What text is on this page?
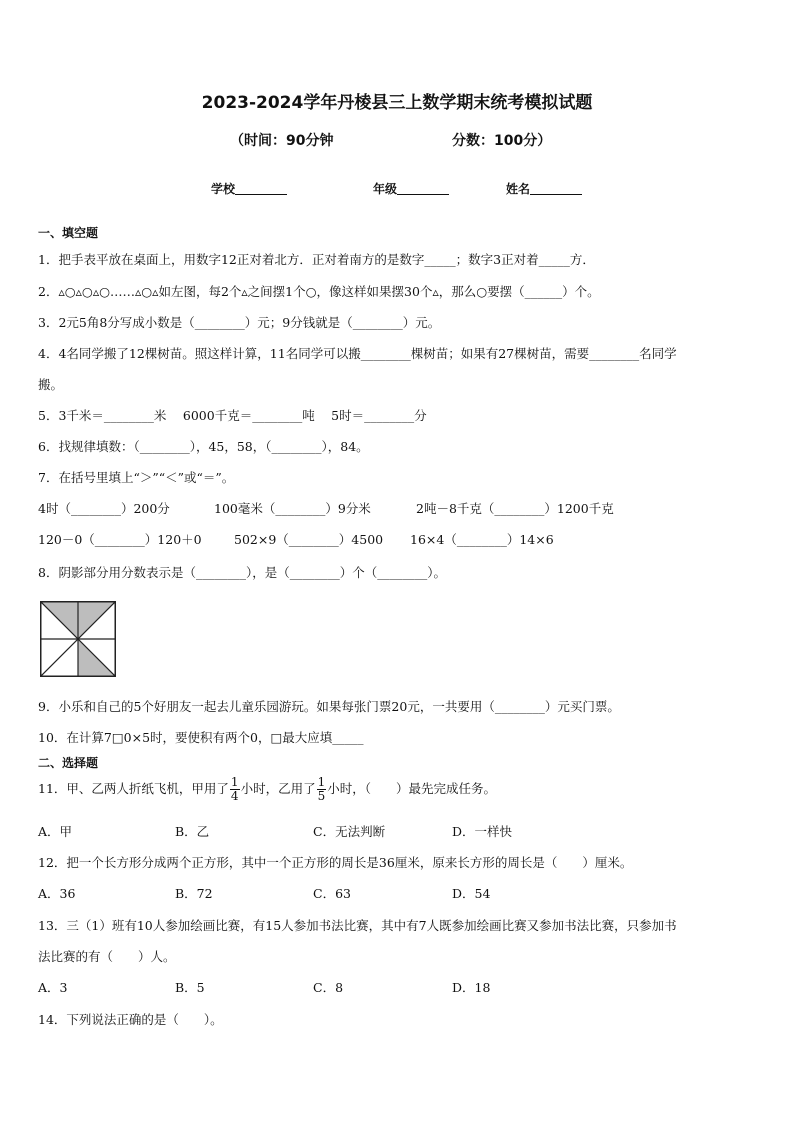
2023-2024学年丹棱县三上数学期末统考模拟试题
（时间：90分钟	分数：100分）
学校	年级	姓名
一、填空题
1．把手表平放在桌面上，用数字12正对着北方．正对着南方的是数字_____；数字3正对着_____方．
2．▵○▵○▵○……▵○▵如左图，每2个▵之间摆1个○，像这样如果摆30个▵，那么○要摆（______）个。
3．2元5角8分写成小数是（________）元；9分钱就是（________）元。
4．4名同学搬了12棵树苗。照这样计算，11名同学可以搬________棵树苗；如果有27棵树苗，需要________名同学
搬。
5．3千米＝________米　 6000千克＝________吨　 5时＝________分
6．找规律填数：（________），45，58，（________），84。
7．在括号里填上“＞”“＜”或“＝”。
4时（________）200分	100毫米（________）9分米	2吨－8千克（________）1200千克
120－0（________）120＋0	502×9（________）4500 16×4（________）14×6
8．阴影部分用分数表示是（________），是（________）个（________）。
9．小乐和自己的5个好朋友一起去儿童乐园游玩。如果每张门票20元，一共要用（________）元买门票。
10．在计算7□0×5时，要使积有两个0，□最大应填_____
二、选择题
11．甲、乙两人折纸飞机，甲用了 $\frac{1}{4}$ 小时，乙用了 $\frac{1}{5}$ 小时，（　　）最先完成任务。
A．甲	B．乙	C．无法判断	D．一样快
12．把一个长方形分成两个正方形，其中一个正方形的周长是36厘米，原来长方形的周长是（　　）厘米。
A．36	B．72	C．63	D．54
13．三（1）班有10人参加绘画比赛，有15人参加书法比赛，其中有7人既参加绘画比赛又参加书法比赛，只参加书
法比赛的有（　　）人。
A．3	B．5	C．8	D．18
14．下列说法正确的是（　　）。
